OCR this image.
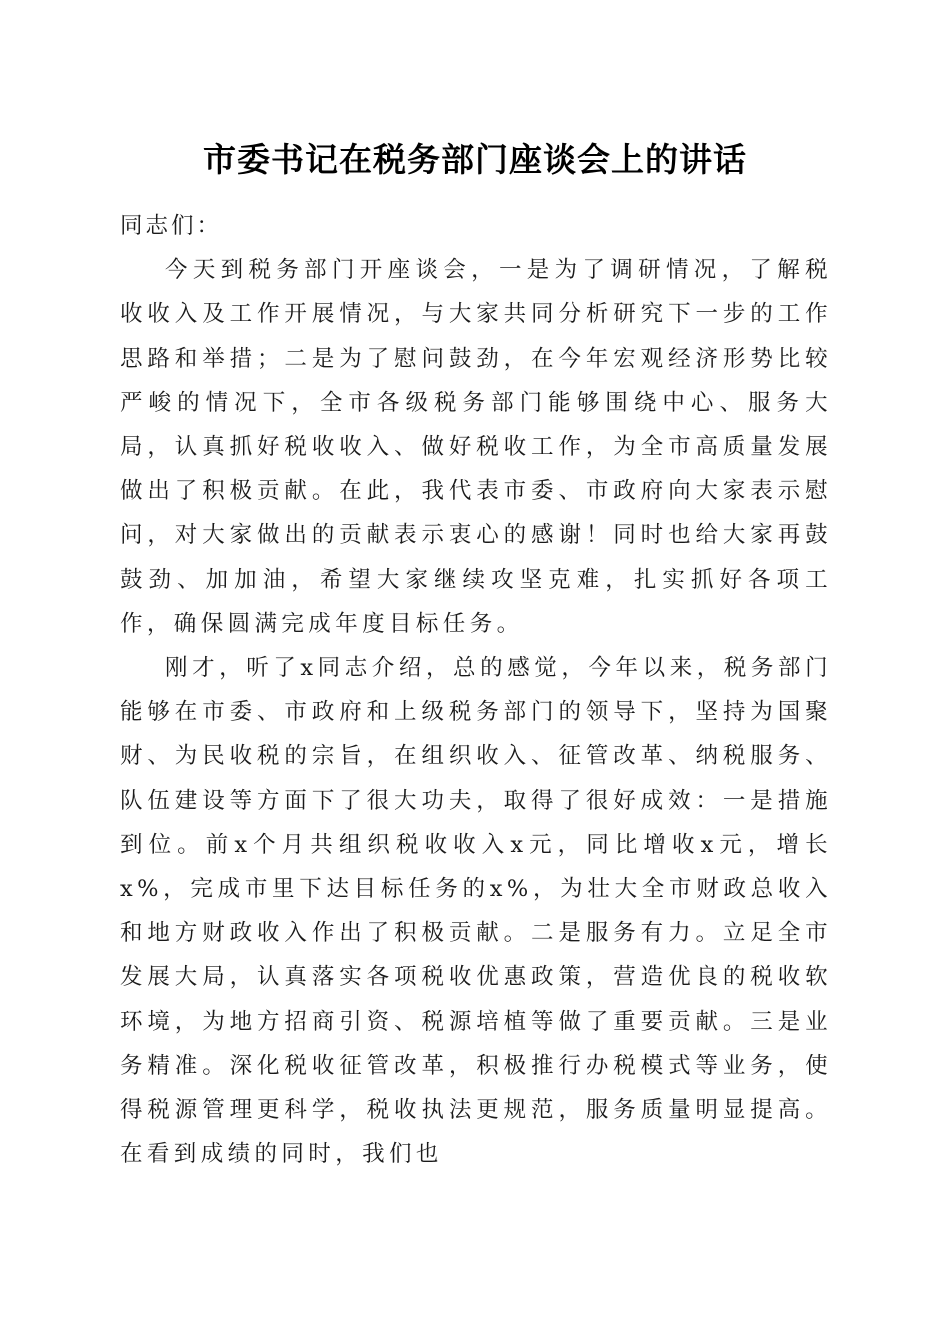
市委书记在税务部门座谈会上的讲话

同志们：

今天到税务部门开座谈会，一是为了调研情况，了解税收收入及工作开展情况，与大家共同分析研究下一步的工作思路和举措；二是为了慰问鼓劲，在今年宏观经济形势比较严峻的情况下，全市各级税务部门能够围绕中心、服务大局，认真抓好税收收入、做好税收工作，为全市高质量发展做出了积极贡献。在此，我代表市委、市政府向大家表示慰问，对大家做出的贡献表示衷心的感谢！同时也给大家再鼓鼓劲、加加油，希望大家继续攻坚克难，扎实抓好各项工作，确保圆满完成年度目标任务。

刚才，听了x同志介绍，总的感觉，今年以来，税务部门能够在市委、市政府和上级税务部门的领导下，坚持为国聚财、为民收税的宗旨，在组织收入、征管改革、纳税服务、队伍建设等方面下了很大功夫，取得了很好成效：一是措施到位。前x个月共组织税收收入x元，同比增收x元，增长x%，完成市里下达目标任务的x%，为壮大全市财政总收入和地方财政收入作出了积极贡献。二是服务有力。立足全市发展大局，认真落实各项税收优惠政策，营造优良的税收软环境，为地方招商引资、税源培植等做了重要贡献。三是业务精准。深化税收征管改革，积极推行办税模式等业务，使得税源管理更科学，税收执法更规范，服务质量明显提高。在看到成绩的同时，我们也
